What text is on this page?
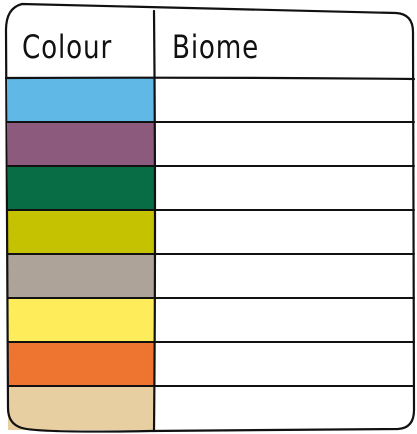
Colour Biome
